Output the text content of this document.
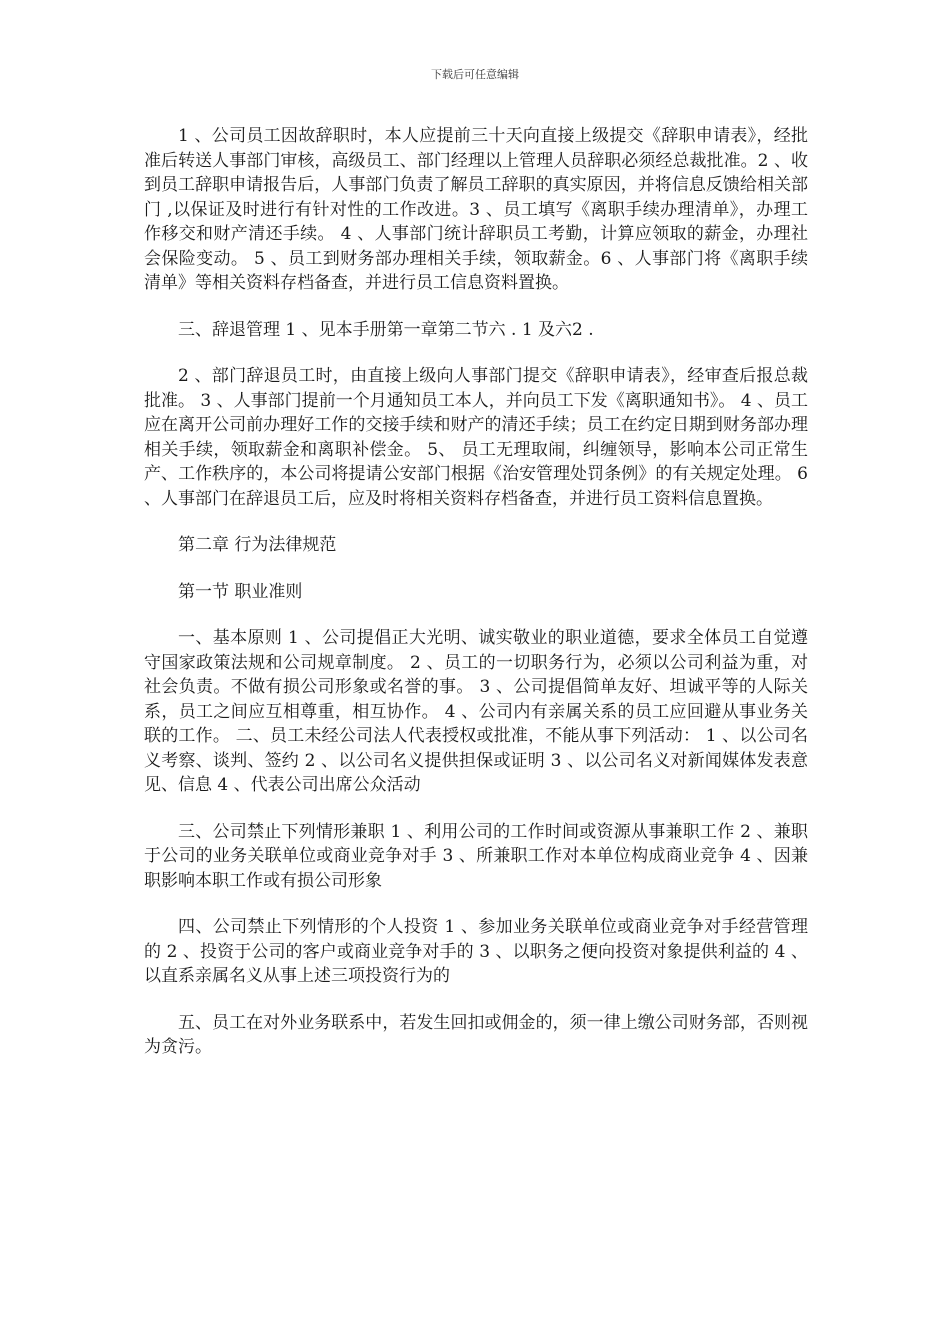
下载后可任意编辑

1 、公司员工因故辞职时，本人应提前三十天向直接上级提交《辞职申请表》，经批准后转送人事部门审核，高级员工、部门经理以上管理人员辞职必须经总裁批准。2 、收到员工辞职申请报告后，人事部门负责了解员工辞职的真实原因，并将信息反馈给相关部门 ,以保证及时进行有针对性的工作改进。3 、员工填写《离职手续办理清单》，办理工作移交和财产清还手续。 4 、人事部门统计辞职员工考勤，计算应领取的薪金，办理社会保险变动。 5 、员工到财务部办理相关手续，领取薪金。6 、人事部门将《离职手续清单》等相关资料存档备查，并进行员工信息资料置换。

三、辞退管理 1 、见本手册第一章第二节六 . 1 及六2 .

2 、部门辞退员工时，由直接上级向人事部门提交《辞职申请表》，经审查后报总裁批准。 3 、人事部门提前一个月通知员工本人，并向员工下发《离职通知书》。 4 、员工应在离开公司前办理好工作的交接手续和财产的清还手续；员工在约定日期到财务部办理相关手续，领取薪金和离职补偿金。 5、 员工无理取闹，纠缠领导，影响本公司正常生产、工作秩序的，本公司将提请公安部门根据《治安管理处罚条例》的有关规定处理。 6 、人事部门在辞退员工后，应及时将相关资料存档备查，并进行员工资料信息置换。

第二章 行为法律规范

第一节 职业准则

一、基本原则 1 、公司提倡正大光明、诚实敬业的职业道德，要求全体员工自觉遵守国家政策法规和公司规章制度。 2 、员工的一切职务行为，必须以公司利益为重，对社会负责。不做有损公司形象或名誉的事。 3 、公司提倡简单友好、坦诚平等的人际关系，员工之间应互相尊重，相互协作。 4 、公司内有亲属关系的员工应回避从事业务关联的工作。 二、员工未经公司法人代表授权或批准，不能从事下列活动： 1 、以公司名义考察、谈判、签约 2 、以公司名义提供担保或证明 3 、以公司名义对新闻媒体发表意见、信息 4 、代表公司出席公众活动

三、公司禁止下列情形兼职 1 、利用公司的工作时间或资源从事兼职工作 2 、兼职于公司的业务关联单位或商业竞争对手 3 、所兼职工作对本单位构成商业竞争 4 、因兼职影响本职工作或有损公司形象

四、公司禁止下列情形的个人投资 1 、参加业务关联单位或商业竞争对手经营管理的 2 、投资于公司的客户或商业竞争对手的 3 、以职务之便向投资对象提供利益的 4 、以直系亲属名义从事上述三项投资行为的

五、员工在对外业务联系中，若发生回扣或佣金的，须一律上缴公司财务部，否则视为贪污。
